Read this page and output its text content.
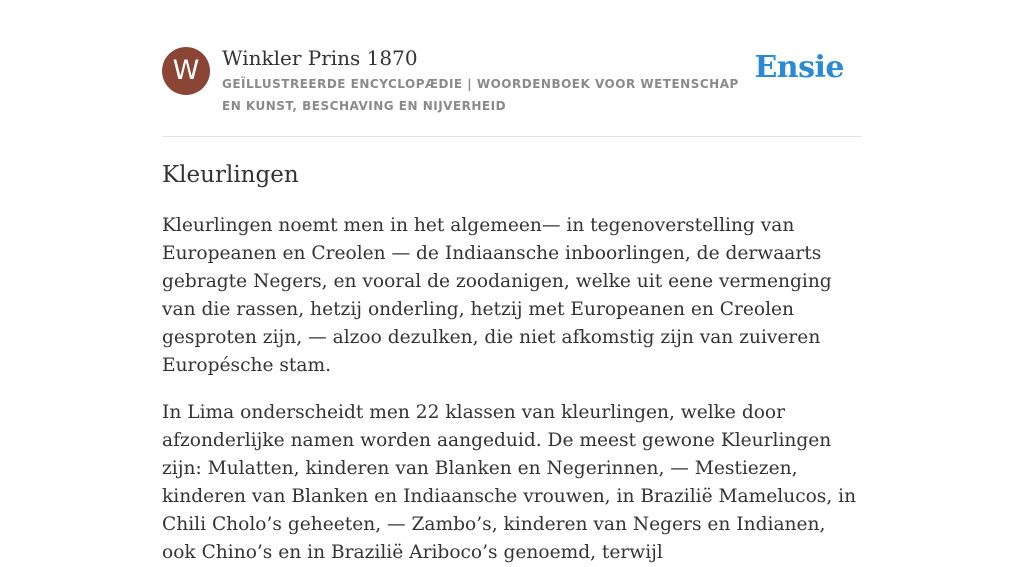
W	Winkler Prins 1870
GEÏLLUSTREERDE ENCYCLOPÆDIE | WOORDENBOEK VOOR WETENSCHAP EN KUNST, BESCHAVING EN NIJVERHEID
Ensie
Kleurlingen

Kleurlingen noemt men in het algemeen— in tegenoverstelling van Europeanen en Creolen — de Indiaansche inboorlingen, de derwaarts gebragte Negers, en vooral de zoodanigen, welke uit eene vermenging van die rassen, hetzij onderling, hetzij met Europeanen en Creolen gesproten zijn, — alzoo dezulken, die niet afkomstig zijn van zuiveren Europésche stam.

In Lima onderscheidt men 22 klassen van kleurlingen, welke door afzonderlijke namen worden aangeduid. De meest gewone Kleurlingen zijn: Mulatten, kinderen van Blanken en Negerinnen, — Mestiezen, kinderen van Blanken en Indiaansche vrouwen, in Brazilië Mamelucos, in Chili Cholo’s geheeten, — Zambo’s, kinderen van Negers en Indianen, ook Chino’s en in Brazilië Ariboco’s genoemd, terwijl
